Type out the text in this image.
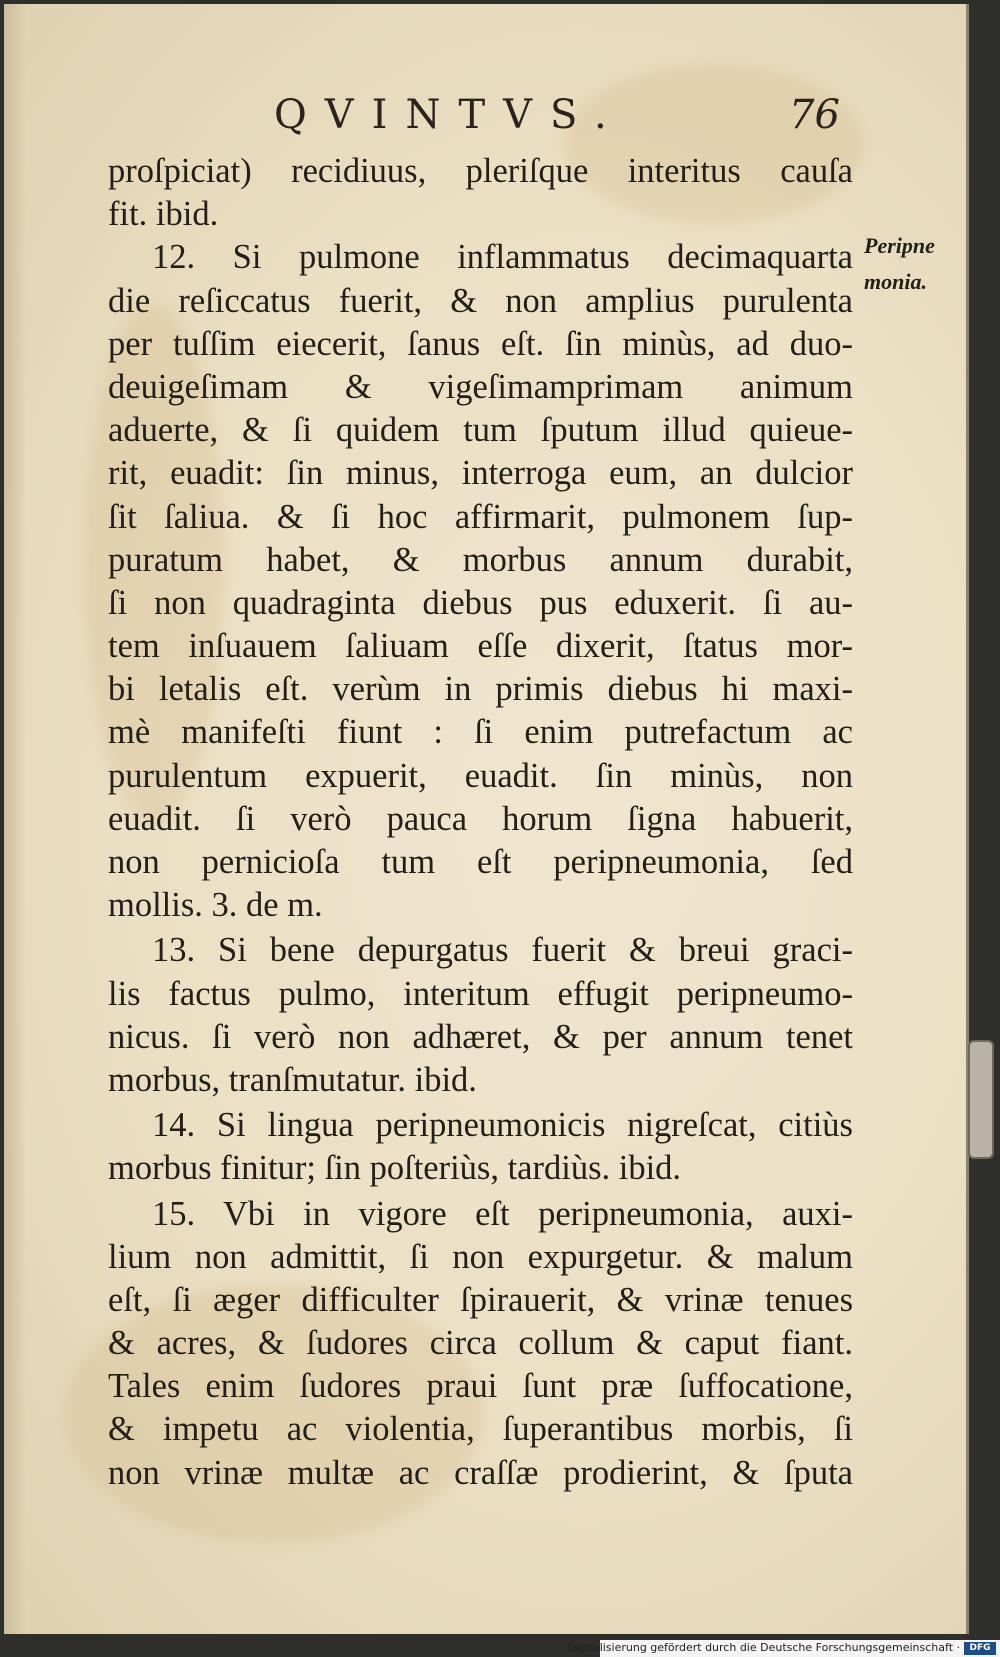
QVINTVS.	76
Peripne
monia.
proſpiciat) recidiuus, pleriſque interitus cauſa
fit. ibid.
12. Si pulmone inflammatus decimaquarta
die reſiccatus fuerit, & non amplius purulenta
per tuſſim eiecerit, ſanus eſt. ſin minùs, ad duo-
deuigeſimam & vigeſimamprimam animum
aduerte, & ſi quidem tum ſputum illud quieue-
rit, euadit: ſin minus, interroga eum, an dulcior
ſit ſaliua. & ſi hoc affirmarit, pulmonem ſup-
puratum habet, & morbus annum durabit,
ſi non quadraginta diebus pus eduxerit. ſi au-
tem inſuauem ſaliuam eſſe dixerit, ſtatus mor-
bi letalis eſt. verùm in primis diebus hi maxi-
mè manifeſti fiunt : ſi enim putrefactum ac
purulentum expuerit, euadit. ſin minùs, non
euadit. ſi verò pauca horum ſigna habuerit,
non pernicioſa tum eſt peripneumonia, ſed
mollis. 3. de m.
13. Si bene depurgatus fuerit & breui graci-
lis factus pulmo, interitum effugit peripneumo-
nicus. ſi verò non adhæret, & per annum tenet
morbus, tranſmutatur. ibid.
14. Si lingua peripneumonicis nigreſcat, citiùs
morbus finitur; ſin poſteriùs, tardiùs. ibid.
15. Vbi in vigore eſt peripneumonia, auxi-
lium non admittit, ſi non expurgetur. & malum
eſt, ſi æger difficulter ſpirauerit, & vrinæ tenues
& acres, & ſudores circa collum & caput fiant.
Tales enim ſudores praui ſunt præ ſuffocatione,
& impetu ac violentia, ſuperantibus morbis, ſi
non vrinæ multæ ac craſſæ prodierint, & ſputa
Digitalisierung gefördert durch die Deutsche Forschungsgemeinschaft ·	DFG
